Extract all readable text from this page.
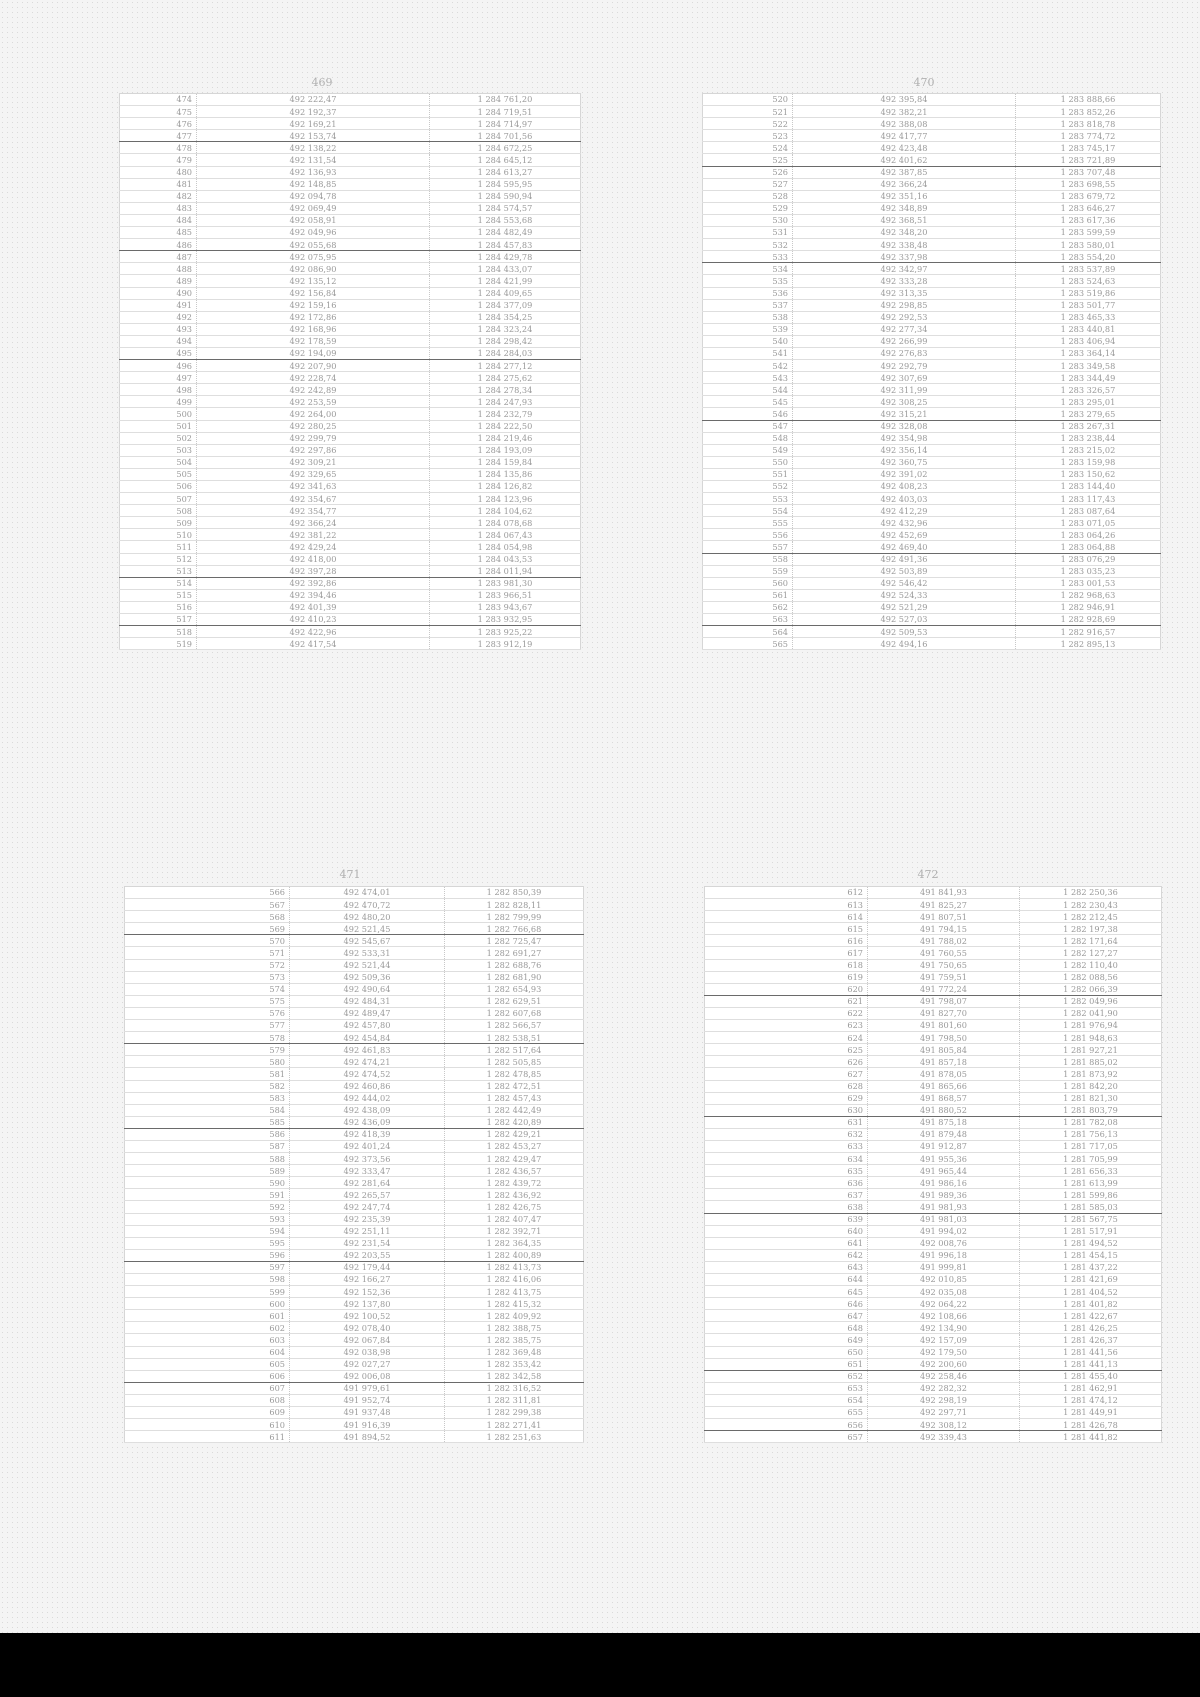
469
474	492 222,47	1 284 761,20
475	492 192,37	1 284 719,51
476	492 169,21	1 284 714,97
477	492 153,74	1 284 701,56
478	492 138,22	1 284 672,25
479	492 131,54	1 284 645,12
480	492 136,93	1 284 613,27
481	492 148,85	1 284 595,95
482	492 094,78	1 284 590,94
483	492 069,49	1 284 574,57
484	492 058,91	1 284 553,68
485	492 049,96	1 284 482,49
486	492 055,68	1 284 457,83
487	492 075,95	1 284 429,78
488	492 086,90	1 284 433,07
489	492 135,12	1 284 421,99
490	492 156,84	1 284 409,65
491	492 159,16	1 284 377,09
492	492 172,86	1 284 354,25
493	492 168,96	1 284 323,24
494	492 178,59	1 284 298,42
495	492 194,09	1 284 284,03
496	492 207,90	1 284 277,12
497	492 228,74	1 284 275,62
498	492 242,89	1 284 278,34
499	492 253,59	1 284 247,93
500	492 264,00	1 284 232,79
501	492 280,25	1 284 222,50
502	492 299,79	1 284 219,46
503	492 297,86	1 284 193,09
504	492 309,21	1 284 159,84
505	492 329,65	1 284 135,86
506	492 341,63	1 284 126,82
507	492 354,67	1 284 123,96
508	492 354,77	1 284 104,62
509	492 366,24	1 284 078,68
510	492 381,22	1 284 067,43
511	492 429,24	1 284 054,98
512	492 418,00	1 284 043,53
513	492 397,28	1 284 011,94
514	492 392,86	1 283 981,30
515	492 394,46	1 283 966,51
516	492 401,39	1 283 943,67
517	492 410,23	1 283 932,95
518	492 422,96	1 283 925,22
519	492 417,54	1 283 912,19
470
520	492 395,84	1 283 888,66
521	492 382,21	1 283 852,26
522	492 388,08	1 283 818,78
523	492 417,77	1 283 774,72
524	492 423,48	1 283 745,17
525	492 401,62	1 283 721,89
526	492 387,85	1 283 707,48
527	492 366,24	1 283 698,55
528	492 351,16	1 283 679,72
529	492 348,89	1 283 646,27
530	492 368,51	1 283 617,36
531	492 348,20	1 283 599,59
532	492 338,48	1 283 580,01
533	492 337,98	1 283 554,20
534	492 342,97	1 283 537,89
535	492 333,28	1 283 524,63
536	492 313,35	1 283 519,86
537	492 298,85	1 283 501,77
538	492 292,53	1 283 465,33
539	492 277,34	1 283 440,81
540	492 266,99	1 283 406,94
541	492 276,83	1 283 364,14
542	492 292,79	1 283 349,58
543	492 307,69	1 283 344,49
544	492 311,99	1 283 326,57
545	492 308,25	1 283 295,01
546	492 315,21	1 283 279,65
547	492 328,08	1 283 267,31
548	492 354,98	1 283 238,44
549	492 356,14	1 283 215,02
550	492 360,75	1 283 159,98
551	492 391,02	1 283 150,62
552	492 408,23	1 283 144,40
553	492 403,03	1 283 117,43
554	492 412,29	1 283 087,64
555	492 432,96	1 283 071,05
556	492 452,69	1 283 064,26
557	492 469,40	1 283 064,88
558	492 491,36	1 283 076,29
559	492 503,89	1 283 035,23
560	492 546,42	1 283 001,53
561	492 524,33	1 282 968,63
562	492 521,29	1 282 946,91
563	492 527,03	1 282 928,69
564	492 509,53	1 282 916,57
565	492 494,16	1 282 895,13
471
566	492 474,01	1 282 850,39
567	492 470,72	1 282 828,11
568	492 480,20	1 282 799,99
569	492 521,45	1 282 766,68
570	492 545,67	1 282 725,47
571	492 533,31	1 282 691,27
572	492 521,44	1 282 688,76
573	492 509,36	1 282 681,90
574	492 490,64	1 282 654,93
575	492 484,31	1 282 629,51
576	492 489,47	1 282 607,68
577	492 457,80	1 282 566,57
578	492 454,84	1 282 538,51
579	492 461,83	1 282 517,64
580	492 474,21	1 282 505,85
581	492 474,52	1 282 478,85
582	492 460,86	1 282 472,51
583	492 444,02	1 282 457,43
584	492 438,09	1 282 442,49
585	492 436,09	1 282 420,89
586	492 418,39	1 282 429,21
587	492 401,24	1 282 453,27
588	492 373,56	1 282 429,47
589	492 333,47	1 282 436,57
590	492 281,64	1 282 439,72
591	492 265,57	1 282 436,92
592	492 247,74	1 282 426,75
593	492 235,39	1 282 407,47
594	492 251,11	1 282 392,71
595	492 231,54	1 282 364,35
596	492 203,55	1 282 400,89
597	492 179,44	1 282 413,73
598	492 166,27	1 282 416,06
599	492 152,36	1 282 413,75
600	492 137,80	1 282 415,32
601	492 100,52	1 282 409,92
602	492 078,40	1 282 388,75
603	492 067,84	1 282 385,75
604	492 038,98	1 282 369,48
605	492 027,27	1 282 353,42
606	492 006,08	1 282 342,58
607	491 979,61	1 282 316,52
608	491 952,74	1 282 311,81
609	491 937,48	1 282 299,38
610	491 916,39	1 282 271,41
611	491 894,52	1 282 251,63
472
612	491 841,93	1 282 250,36
613	491 825,27	1 282 230,43
614	491 807,51	1 282 212,45
615	491 794,15	1 282 197,38
616	491 788,02	1 282 171,64
617	491 760,55	1 282 127,27
618	491 750,65	1 282 110,40
619	491 759,51	1 282 088,56
620	491 772,24	1 282 066,39
621	491 798,07	1 282 049,96
622	491 827,70	1 282 041,90
623	491 801,60	1 281 976,94
624	491 798,50	1 281 948,63
625	491 805,84	1 281 927,21
626	491 857,18	1 281 885,02
627	491 878,05	1 281 873,92
628	491 865,66	1 281 842,20
629	491 868,57	1 281 821,30
630	491 880,52	1 281 803,79
631	491 875,18	1 281 782,08
632	491 879,48	1 281 756,13
633	491 912,87	1 281 717,05
634	491 955,36	1 281 705,99
635	491 965,44	1 281 656,33
636	491 986,16	1 281 613,99
637	491 989,36	1 281 599,86
638	491 981,93	1 281 585,03
639	491 981,03	1 281 567,75
640	491 994,02	1 281 517,91
641	492 008,76	1 281 494,52
642	491 996,18	1 281 454,15
643	491 999,81	1 281 437,22
644	492 010,85	1 281 421,69
645	492 035,08	1 281 404,52
646	492 064,22	1 281 401,82
647	492 108,66	1 281 422,67
648	492 134,90	1 281 426,25
649	492 157,09	1 281 426,37
650	492 179,50	1 281 441,56
651	492 200,60	1 281 441,13
652	492 258,46	1 281 455,40
653	492 282,32	1 281 462,91
654	492 298,19	1 281 474,12
655	492 297,71	1 281 449,91
656	492 308,12	1 281 426,78
657	492 339,43	1 281 441,82
